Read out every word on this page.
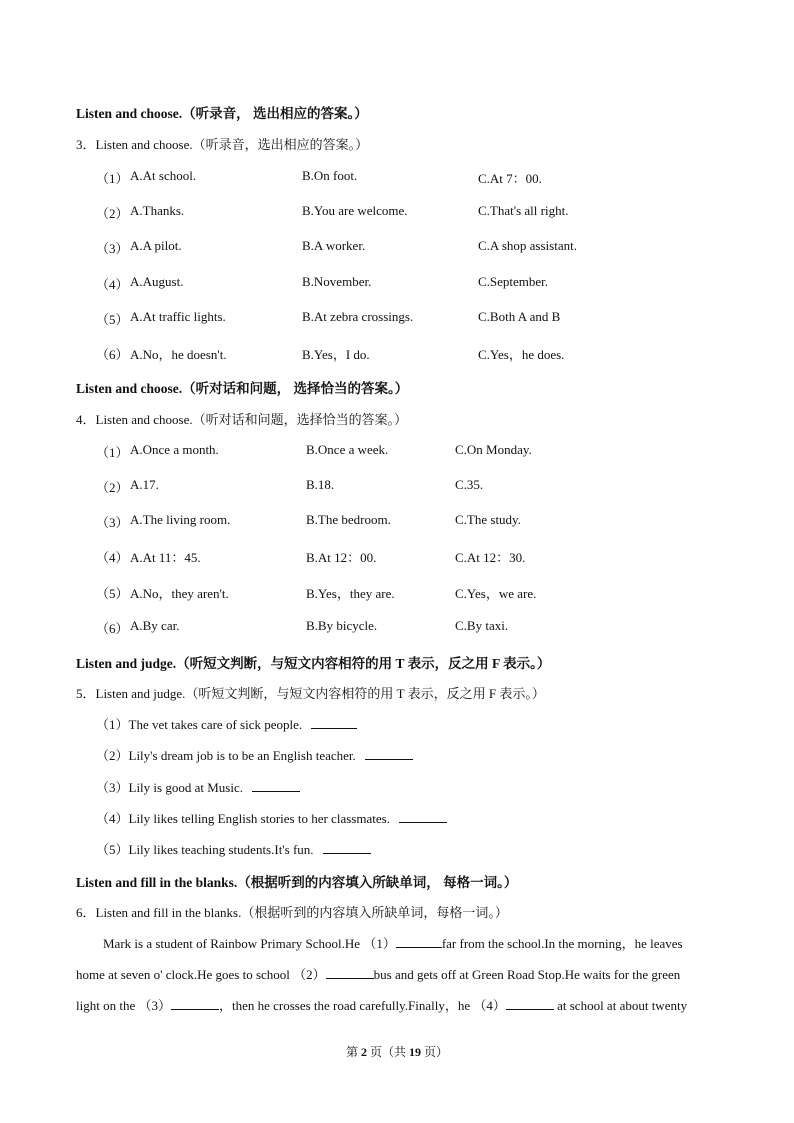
Listen and choose.（听录音， 选出相应的答案。）
3．Listen and choose.（听录音，选出相应的答案。）
（1） A.At school.	B.On foot.	C.At 7：00.
（2） A.Thanks.	B.You are welcome.	C.That's all right.
（3） A.A pilot.	B.A worker.	C.A shop assistant.
（4） A.August.	B.November.	C.September.
（5） A.At traffic lights.	B.At zebra crossings.	C.Both A and B
（6） A.No，he doesn't.	B.Yes，I do.	C.Yes，he does.
Listen and choose.（听对话和问题， 选择恰当的答案。）
4．Listen and choose.（听对话和问题，选择恰当的答案。）
（1） A.Once a month.	B.Once a week.	C.On Monday.
（2） A.17.	B.18.	C.35.
（3） A.The living room.	B.The bedroom.	C.The study.
（4） A.At 11：45.	B.At 12：00.	C.At 12：30.
（5） A.No，they aren't.	B.Yes，they are.	C.Yes，we are.
（6） A.By car.	B.By bicycle.	C.By taxi.
Listen and judge.（听短文判断，与短文内容相符的用 T 表示，反之用 F 表示。）
5．Listen and judge.（听短文判断，与短文内容相符的用 T 表示，反之用 F 表示。）
（1）The vet takes care of sick people.
（2）Lily's dream job is to be an English teacher.
（3）Lily is good at Music.
（4）Lily likes telling English stories to her classmates.
（5）Lily likes teaching students.It's fun.
Listen and fill in the blanks.（根据听到的内容填入所缺单词， 每格一词。）
6．Listen and fill in the blanks.（根据听到的内容填入所缺单词，每格一词。）
Mark is a student of Rainbow Primary School.He （1）	far from the school.In the morning，he leaves
home at seven o' clock.He goes to school （2）	bus and gets off at Green Road Stop.He waits for the green
light on the （3）	，then he crosses the road carefully.Finally，he （4）	at school at about twenty
第 2 页（共 19 页）
